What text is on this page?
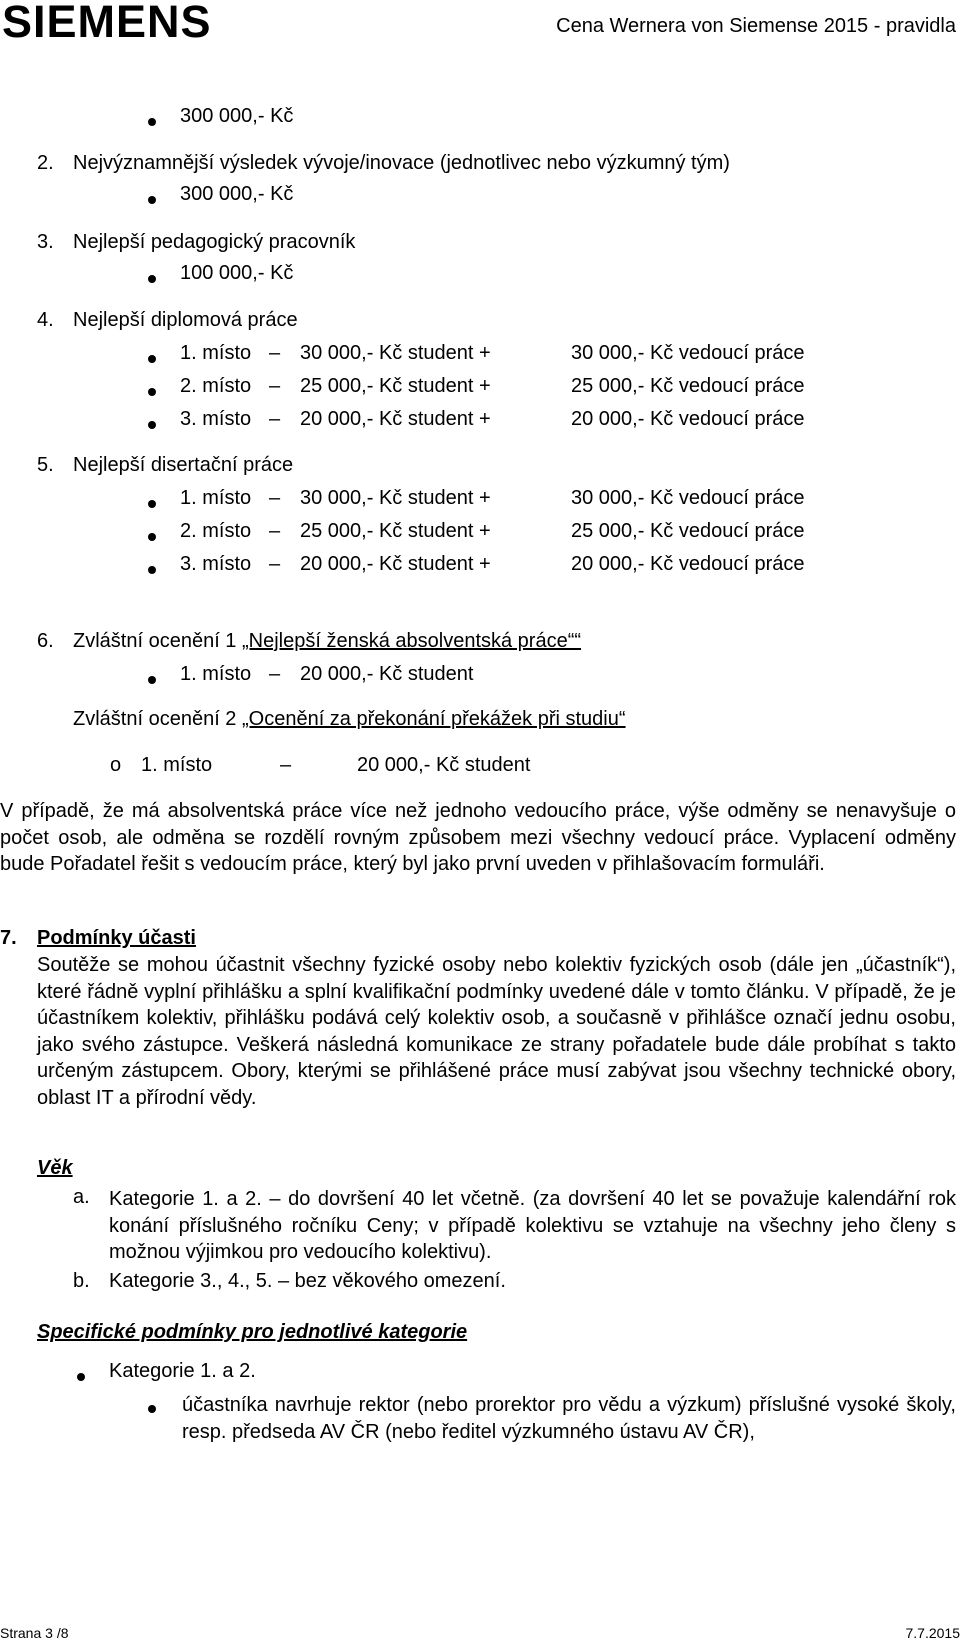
SIEMENS	Cena Wernera von Siemense 2015 - pravidla
300 000,- Kč
2. Nejvýznamnější výsledek vývoje/inovace (jednotlivec nebo výzkumný tým)
300 000,- Kč
3. Nejlepší pedagogický pracovník
100 000,- Kč
4. Nejlepší diplomová práce
1. místo – 30 000,- Kč student +	30 000,- Kč vedoucí práce
2. místo – 25 000,- Kč student +	25 000,- Kč vedoucí práce
3. místo – 20 000,- Kč student +	20 000,- Kč vedoucí práce
5. Nejlepší disertační práce
1. místo – 30 000,- Kč student +	30 000,- Kč vedoucí práce
2. místo – 25 000,- Kč student +	25 000,- Kč vedoucí práce
3. místo – 20 000,- Kč student +	20 000,- Kč vedoucí práce
6. Zvláštní ocenění 1 „Nejlepší ženská absolventská práce““
1. místo – 20 000,- Kč student
Zvláštní ocenění 2 „Ocenění za překonání překážek při studiu“
o 1. místo	–	20 000,- Kč student
V případě, že má absolventská práce více než jednoho vedoucího práce, výše odměny se nenavyšuje o počet osob, ale odměna se rozdělí rovným způsobem mezi všechny vedoucí práce. Vyplacení odměny bude Pořadatel řešit s vedoucím práce, který byl jako první uveden v přihlašovacím formuláři.
7. Podmínky účasti
Soutěže se mohou účastnit všechny fyzické osoby nebo kolektiv fyzických osob (dále jen „účastník“), které řádně vyplní přihlášku a splní kvalifikační podmínky uvedené dále v tomto článku. V případě, že je účastníkem kolektiv, přihlášku podává celý kolektiv osob, a současně v přihlášce označí jednu osobu, jako svého zástupce. Veškerá následná komunikace ze strany pořadatele bude dále probíhat s takto určeným zástupcem. Obory, kterými se přihlášené práce musí zabývat jsou všechny technické obory, oblast IT a přírodní vědy.
Věk
a. Kategorie 1. a 2. – do dovršení 40 let včetně. (za dovršení 40 let se považuje kalendářní rok konání příslušného ročníku Ceny; v případě kolektivu se vztahuje na všechny jeho členy s možnou výjimkou pro vedoucího kolektivu).
b. Kategorie 3., 4., 5. – bez věkového omezení.
Specifické podmínky pro jednotlivé kategorie
Kategorie 1. a 2.
účastníka navrhuje rektor (nebo prorektor pro vědu a výzkum) příslušné vysoké školy, resp. předseda AV ČR (nebo ředitel výzkumného ústavu AV ČR),
Strana 3 /8	7.7.2015
